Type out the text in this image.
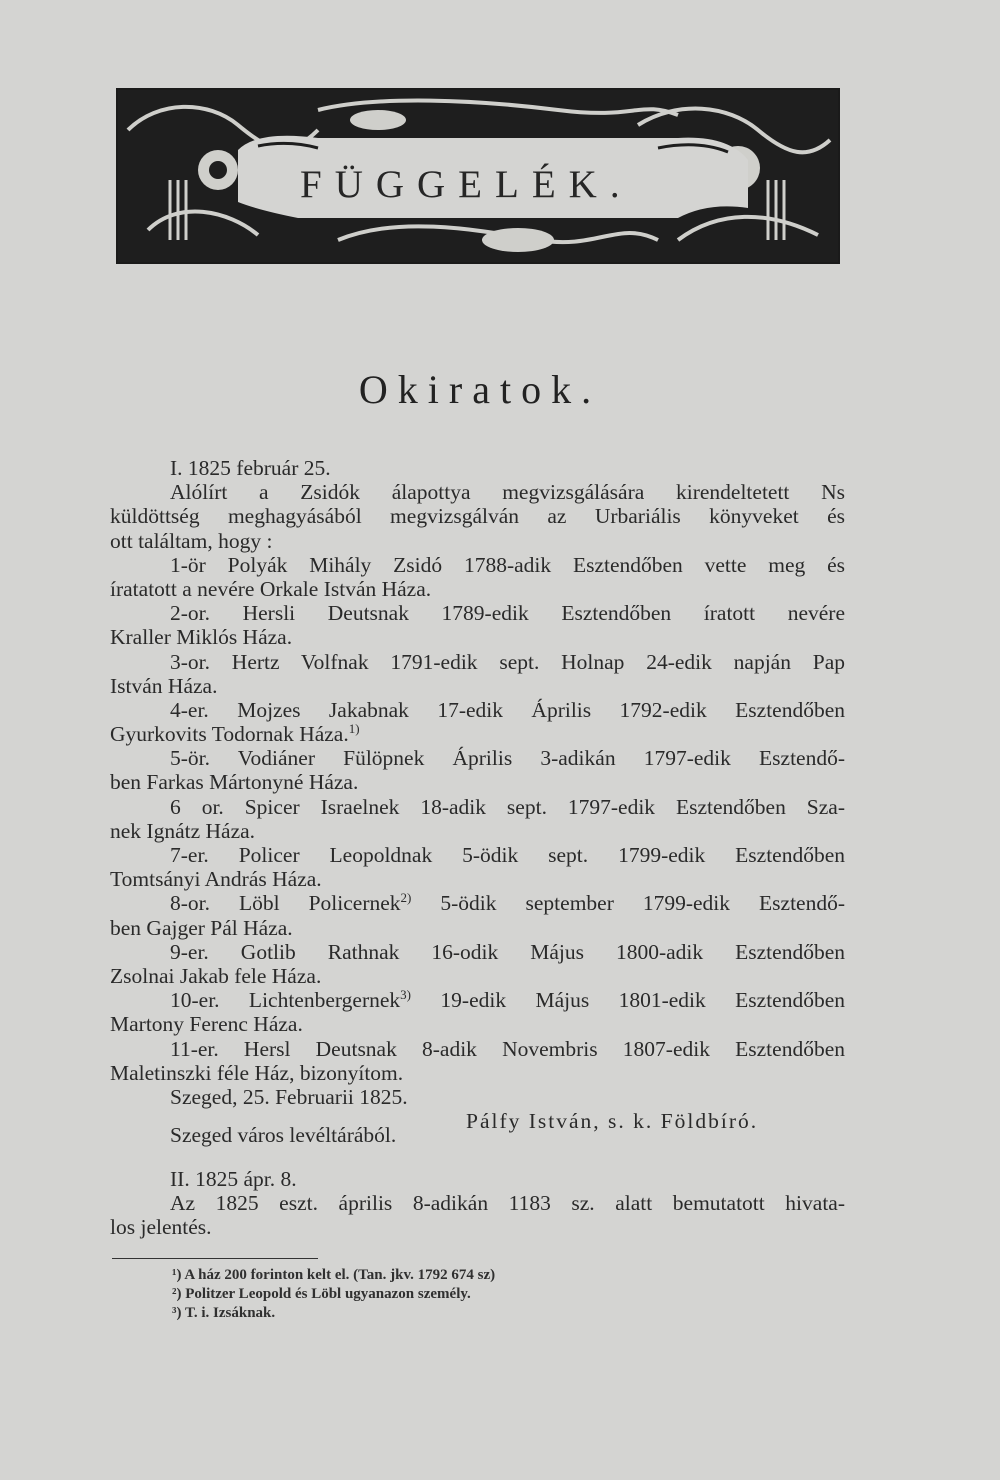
FÜGGELÉK.
Okiratok.
I. 1825 február 25.
Alólírt a Zsidók álapottya megvizsgálására kirendeltetett Ns
küldöttség meghagyásából megvizsgálván az Urbariális könyveket és
ott találtam, hogy :
1-ör Polyák Mihály Zsidó 1788-adik Esztendőben vette meg és
íratatott a nevére Orkale István Háza.
2-or. Hersli Deutsnak 1789-edik Esztendőben íratott nevére
Kraller Miklós Háza.
3-or. Hertz Volfnak 1791-edik sept. Holnap 24-edik napján Pap
István Háza.
4-er. Mojzes Jakabnak 17-edik Április 1792-edik Esztendőben
Gyurkovits Todornak Háza.$^{1)}$
5-ör. Vodiáner Fülöpnek Április 3-adikán 1797-edik Esztendő-
ben Farkas Mártonyné Háza.
6 or. Spicer Israelnek 18-adik sept. 1797-edik Esztendőben Sza-
nek Ignátz Háza.
7-er. Policer Leopoldnak 5-ödik sept. 1799-edik Esztendőben
Tomtsányi András Háza.
8-or. Löbl Policernek$^{2)}$ 5-ödik september 1799-edik Esztendő-
ben Gajger Pál Háza.
9-er. Gotlib Rathnak 16-odik Május 1800-adik Esztendőben
Zsolnai Jakab fele Háza.
10-er. Lichtenbergernek$^{3)}$ 19-edik Május 1801-edik Esztendőben
Martony Ferenc Háza.
11-er. Hersl Deutsnak 8-adik Novembris 1807-edik Esztendőben
Maletinszki féle Ház, bizonyítom.
Szeged, 25. Februarii 1825.
Szeged város levéltárából.
Pálfy István, s. k. Földbíró.
II. 1825 ápr. 8.
Az 1825 eszt. április 8-adikán 1183 sz. alatt bemutatott hivata-
los jelentés.
¹) A ház 200 forinton kelt el. (Tan. jkv. 1792 674 sz)
²) Politzer Leopold és Löbl ugyanazon személy.
³) T. i. Izsáknak.
